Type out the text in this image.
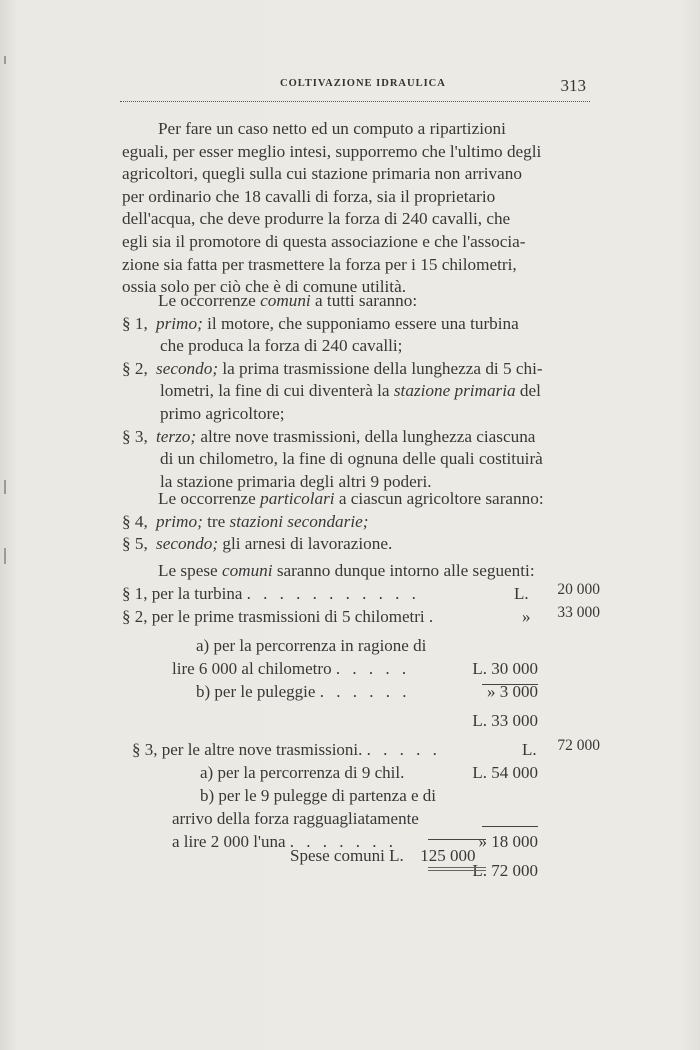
COLTIVAZIONE IDRAULICA	313
Per fare un caso netto ed un computo a ripartizioni
eguali, per esser meglio intesi, supporremo che l'ultimo degli
agricoltori, quegli sulla cui stazione primaria non arrivano
per ordinario che 18 cavalli di forza, sia il proprietario
dell'acqua, che deve produrre la forza di 240 cavalli, che
egli sia il promotore di questa associazione e che l'associa-
zione sia fatta per trasmettere la forza per i 15 chilometri,
ossia solo per ciò che è di comune utilità.
Le occorrenze comuni a tutti saranno:
§ 1, primo; il motore, che supponiamo essere una turbina
che produca la forza di 240 cavalli;
§ 2, secondo; la prima trasmissione della lunghezza di 5 chi-
lometri, la fine di cui diventerà la stazione primaria del
primo agricoltore;
§ 3, terzo; altre nove trasmissioni, della lunghezza ciascuna
di un chilometro, la fine di ognuna delle quali costituirà
la stazione primaria degli altri 9 poderi.
Le occorrenze particolari a ciascun agricoltore saranno:
§ 4, primo; tre stazioni secondarie;
§ 5, secondo; gli arnesi di lavorazione.
Le spese comuni saranno dunque intorno alle seguenti:
§ 1, per la turbina . . . . . . . . . . .	L.	20 000
§ 2, per le prime trasmissioni di 5 chilometri .	»	33 000
a) per la percorrenza in ragione di
lire 6 000 al chilometro . . . . .	L. 30 000
b) per le puleggie . . . . . .	» 3 000
L. 33 000
§ 3, per le altre nove trasmissioni. . . . . .	L.	72 000
a) per la percorrenza di 9 chil.	L. 54 000
b) per le 9 pulegge di partenza e di
arrivo della forza ragguagliatamente
a lire 2 000 l'una . . . . . . .	» 18 000
L. 72 000
Spese comuni L. 125 000
